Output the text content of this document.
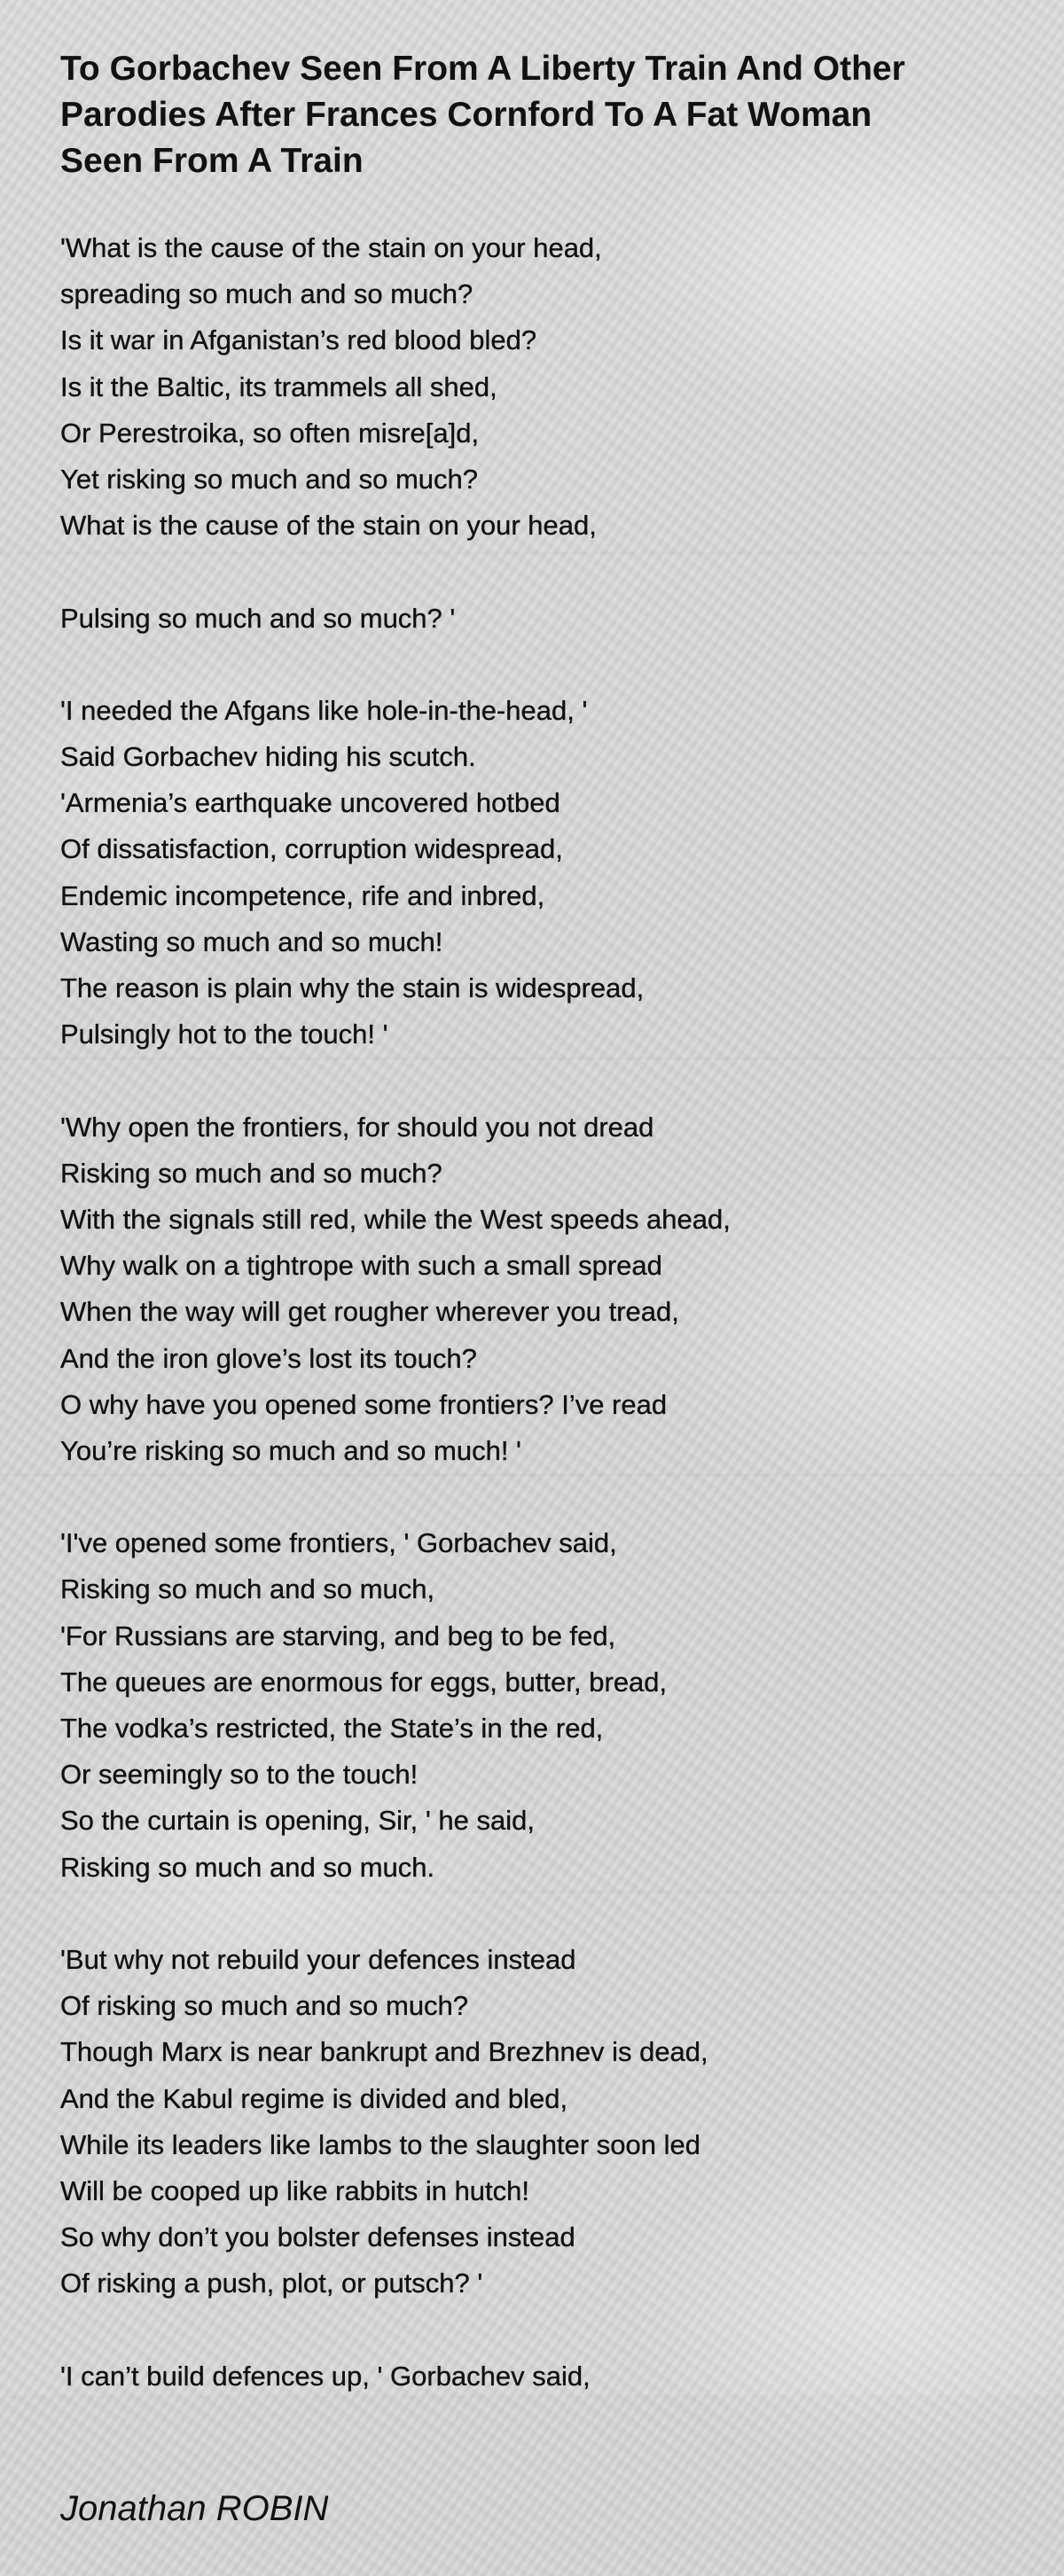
To Gorbachev Seen From A Liberty Train And Other Parodies After Frances Cornford To A Fat Woman Seen From A Train
'What is the cause of the stain on your head,
spreading so much and so much?
Is it war in Afganistan’s red blood bled?
Is it the Baltic, its trammels all shed,
Or Perestroika, so often misre[a]d,
Yet risking so much and so much?
What is the cause of the stain on your head,
Pulsing so much and so much? '
'I needed the Afgans like hole-in-the-head, '
Said Gorbachev hiding his scutch.
'Armenia’s earthquake uncovered hotbed
Of dissatisfaction, corruption widespread,
Endemic incompetence, rife and inbred,
Wasting so much and so much!
The reason is plain why the stain is widespread,
Pulsingly hot to the touch! '
'Why open the frontiers, for should you not dread
Risking so much and so much?
With the signals still red, while the West speeds ahead,
Why walk on a tightrope with such a small spread
When the way will get rougher wherever you tread,
And the iron glove’s lost its touch?
O why have you opened some frontiers? I’ve read
You’re risking so much and so much! '
'I've opened some frontiers, ' Gorbachev said,
Risking so much and so much,
'For Russians are starving, and beg to be fed,
The queues are enormous for eggs, butter, bread,
The vodka’s restricted, the State’s in the red,
Or seemingly so to the touch!
So the curtain is opening, Sir, ' he said,
Risking so much and so much.
'But why not rebuild your defences instead
Of risking so much and so much?
Though Marx is near bankrupt and Brezhnev is dead,
And the Kabul regime is divided and bled,
While its leaders like lambs to the slaughter soon led
Will be cooped up like rabbits in hutch!
So why don’t you bolster defenses instead
Of risking a push, plot, or putsch? '
'I can’t build defences up, ' Gorbachev said,
Jonathan ROBIN
